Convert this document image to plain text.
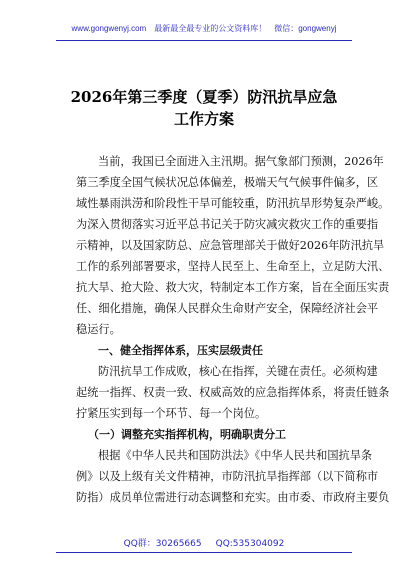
www.gongwenyj.com 最新最全最专业的公文资料库！ 微信：gongwenyj
2026年第三季度（夏季）防汛抗旱应急
工作方案
当前，我国已全面进入主汛期。据气象部门预测，2026年
第三季度全国气候状况总体偏差，极端天气气候事件偏多，区
域性暴雨洪涝和阶段性干旱可能较重，防汛抗旱形势复杂严峻。
为深入贯彻落实习近平总书记关于防灾减灾救灾工作的重要指
示精神，以及国家防总、应急管理部关于做好2026年防汛抗旱
工作的系列部署要求，坚持人民至上、生命至上，立足防大汛、
抗大旱、抢大险、救大灾，特制定本工作方案，旨在全面压实责
任、细化措施，确保人民群众生命财产安全，保障经济社会平
稳运行。
一、健全指挥体系，压实层级责任
防汛抗旱工作成败，核心在指挥，关键在责任。必须构建
起统一指挥、权责一致、权威高效的应急指挥体系，将责任链条
拧紧压实到每一个环节、每一个岗位。
（一）调整充实指挥机构，明确职责分工
根据《中华人民共和国防洪法》《中华人民共和国抗旱条
例》以及上级有关文件精神，市防汛抗旱指挥部（以下简称市
防指）成员单位需进行动态调整和充实。由市委、市政府主要负
QQ群：30265665 QQ:535304092
